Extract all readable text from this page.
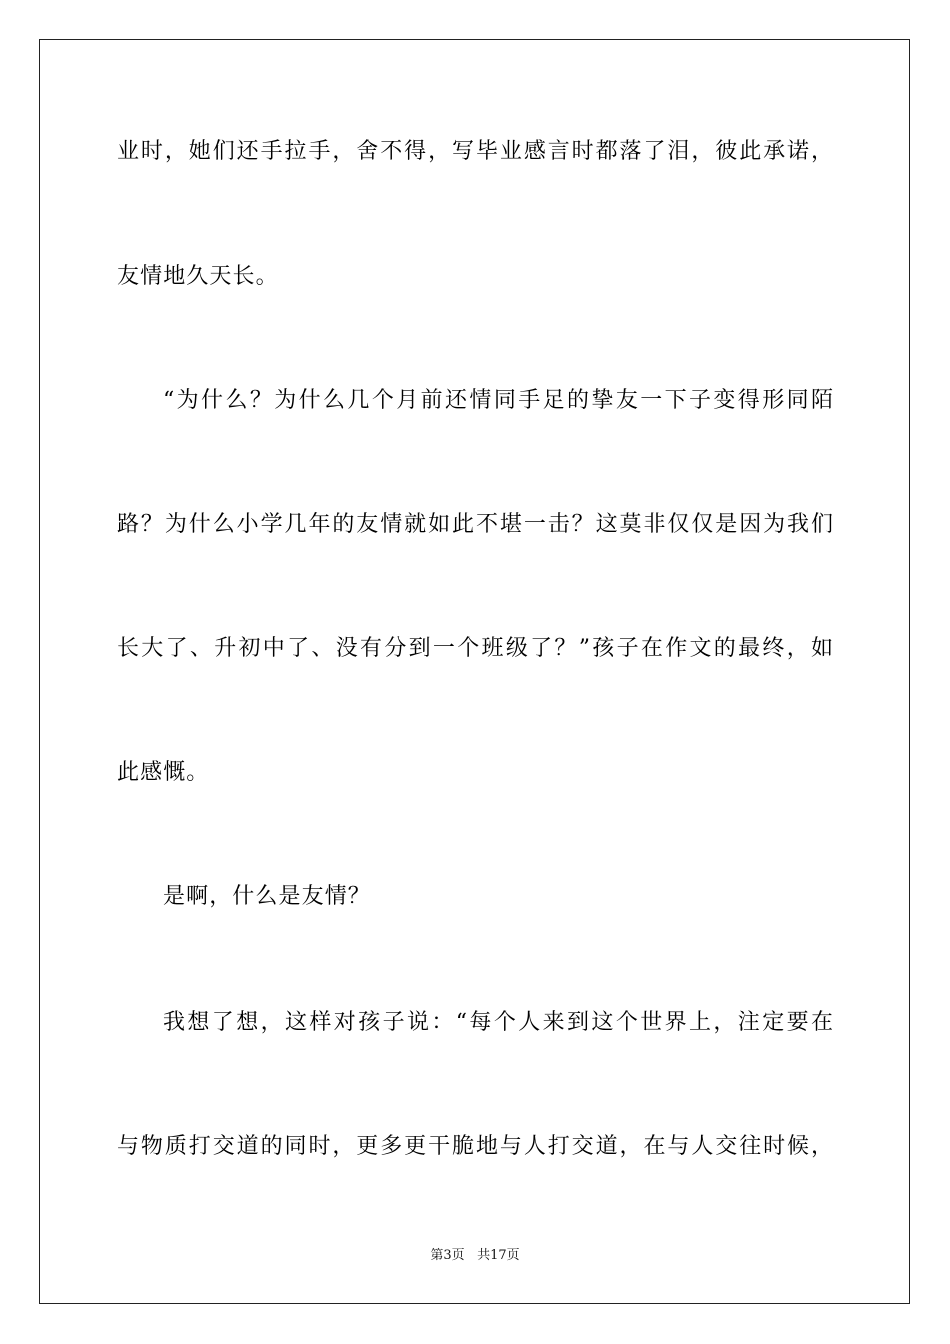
业时，她们还手拉手，舍不得，写毕业感言时都落了泪，彼此承诺，
友情地久天长。
“为什么？为什么几个月前还情同手足的挚友一下子变得形同陌
路？为什么小学几年的友情就如此不堪一击？这莫非仅仅是因为我们
长大了、升初中了、没有分到一个班级了？”孩子在作文的最终，如
此感慨。
是啊，什么是友情？
我想了想，这样对孩子说：“每个人来到这个世界上，注定要在
与物质打交道的同时，更多更干脆地与人打交道，在与人交往时候，
第3页 共17页
